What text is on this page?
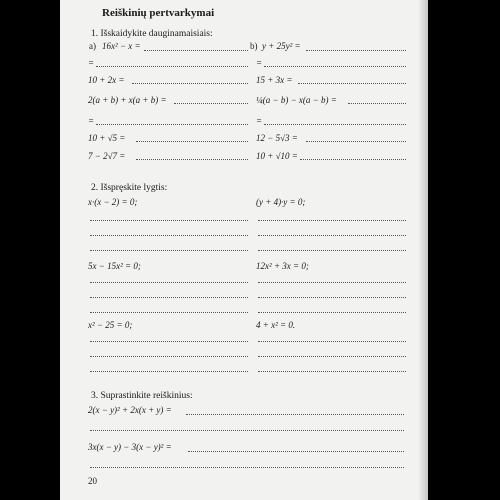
Reiškinių pertvarkymai
1. Išskaidykite dauginamaisiais:
a) 16x² − x =	b) y + 25y² =
=	=
10 + 2x =	15 + 3x =
2(a + b) + x(a + b) =	¼(a − b) − x(a − b) =
=	=
10 + √5 =	12 − 5√3 =
7 − 2√7 =	10 + √10 =
2. Išspręskite lygtis:
x·(x − 2) = 0;	(y + 4)·y = 0;
5x − 15x² = 0;	12x² + 3x = 0;
x² − 25 = 0;	4 + x² = 0.
3. Suprastinkite reiškinius:
2(x − y)² + 2x(x + y) =
3x(x − y) − 3(x − y)² =
20
